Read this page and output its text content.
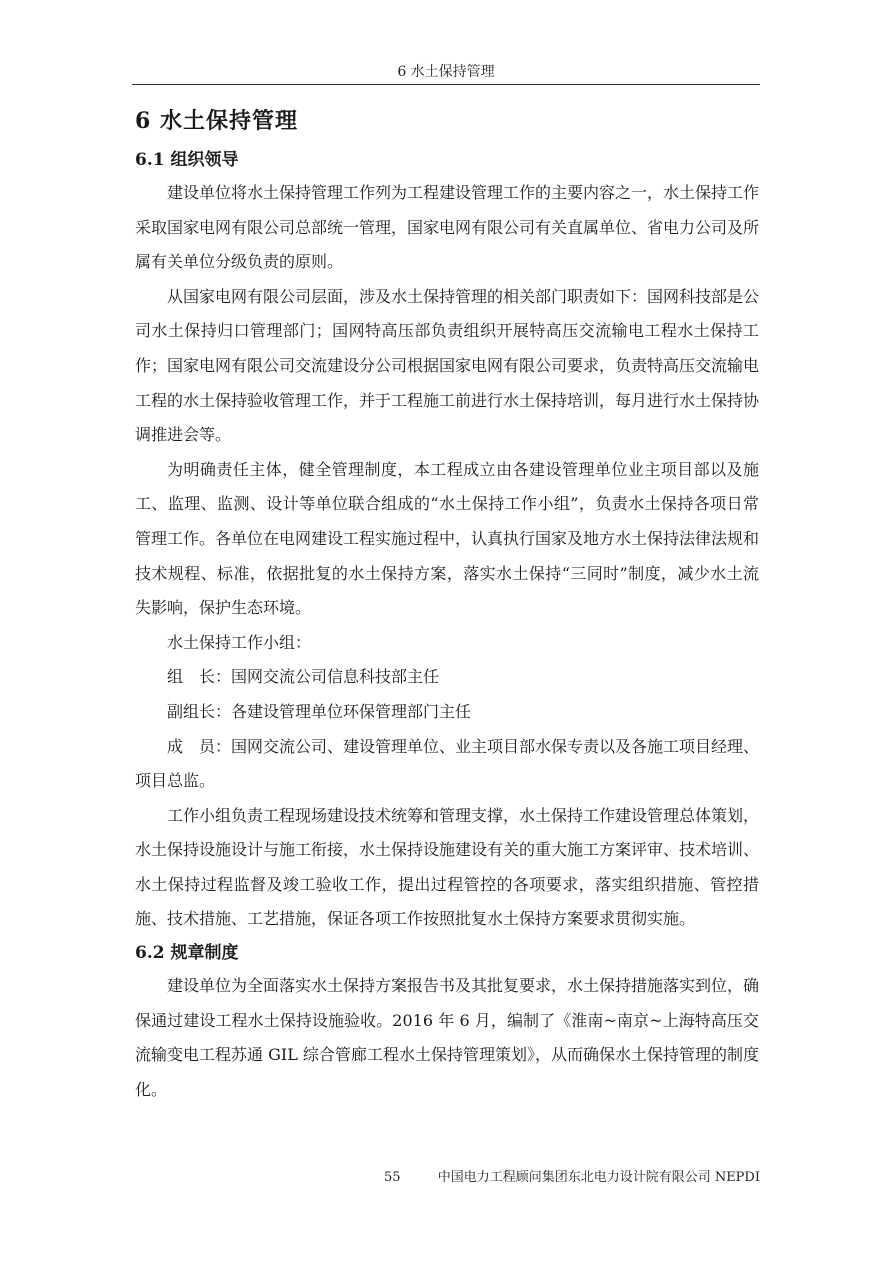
6 水土保持管理
6 水土保持管理
6.1 组织领导

建设单位将水土保持管理工作列为工程建设管理工作的主要内容之一，水土保持工作采取国家电网有限公司总部统一管理，国家电网有限公司有关直属单位、省电力公司及所属有关单位分级负责的原则。

从国家电网有限公司层面，涉及水土保持管理的相关部门职责如下：国网科技部是公司水土保持归口管理部门；国网特高压部负责组织开展特高压交流输电工程水土保持工作；国家电网有限公司交流建设分公司根据国家电网有限公司要求，负责特高压交流输电工程的水土保持验收管理工作，并于工程施工前进行水土保持培训，每月进行水土保持协调推进会等。

为明确责任主体，健全管理制度，本工程成立由各建设管理单位业主项目部以及施工、监理、监测、设计等单位联合组成的“水土保持工作小组”，负责水土保持各项日常管理工作。各单位在电网建设工程实施过程中，认真执行国家及地方水土保持法律法规和技术规程、标准，依据批复的水土保持方案，落实水土保持“三同时”制度，减少水土流失影响，保护生态环境。

水土保持工作小组：

组　长：国网交流公司信息科技部主任

副组长：各建设管理单位环保管理部门主任

成　员：国网交流公司、建设管理单位、业主项目部水保专责以及各施工项目经理、项目总监。

工作小组负责工程现场建设技术统筹和管理支撑，水土保持工作建设管理总体策划，水土保持设施设计与施工衔接，水土保持设施建设有关的重大施工方案评审、技术培训、水土保持过程监督及竣工验收工作，提出过程管控的各项要求，落实组织措施、管控措施、技术措施、工艺措施，保证各项工作按照批复水土保持方案要求贯彻实施。

6.2 规章制度

建设单位为全面落实水土保持方案报告书及其批复要求，水土保持措施落实到位，确保通过建设工程水土保持设施验收。2016 年 6 月，编制了《淮南~南京~上海特高压交流输变电工程苏通 GIL 综合管廊工程水土保持管理策划》，从而确保水土保持管理的制度化。

55	中国电力工程顾问集团东北电力设计院有限公司 NEPDI
